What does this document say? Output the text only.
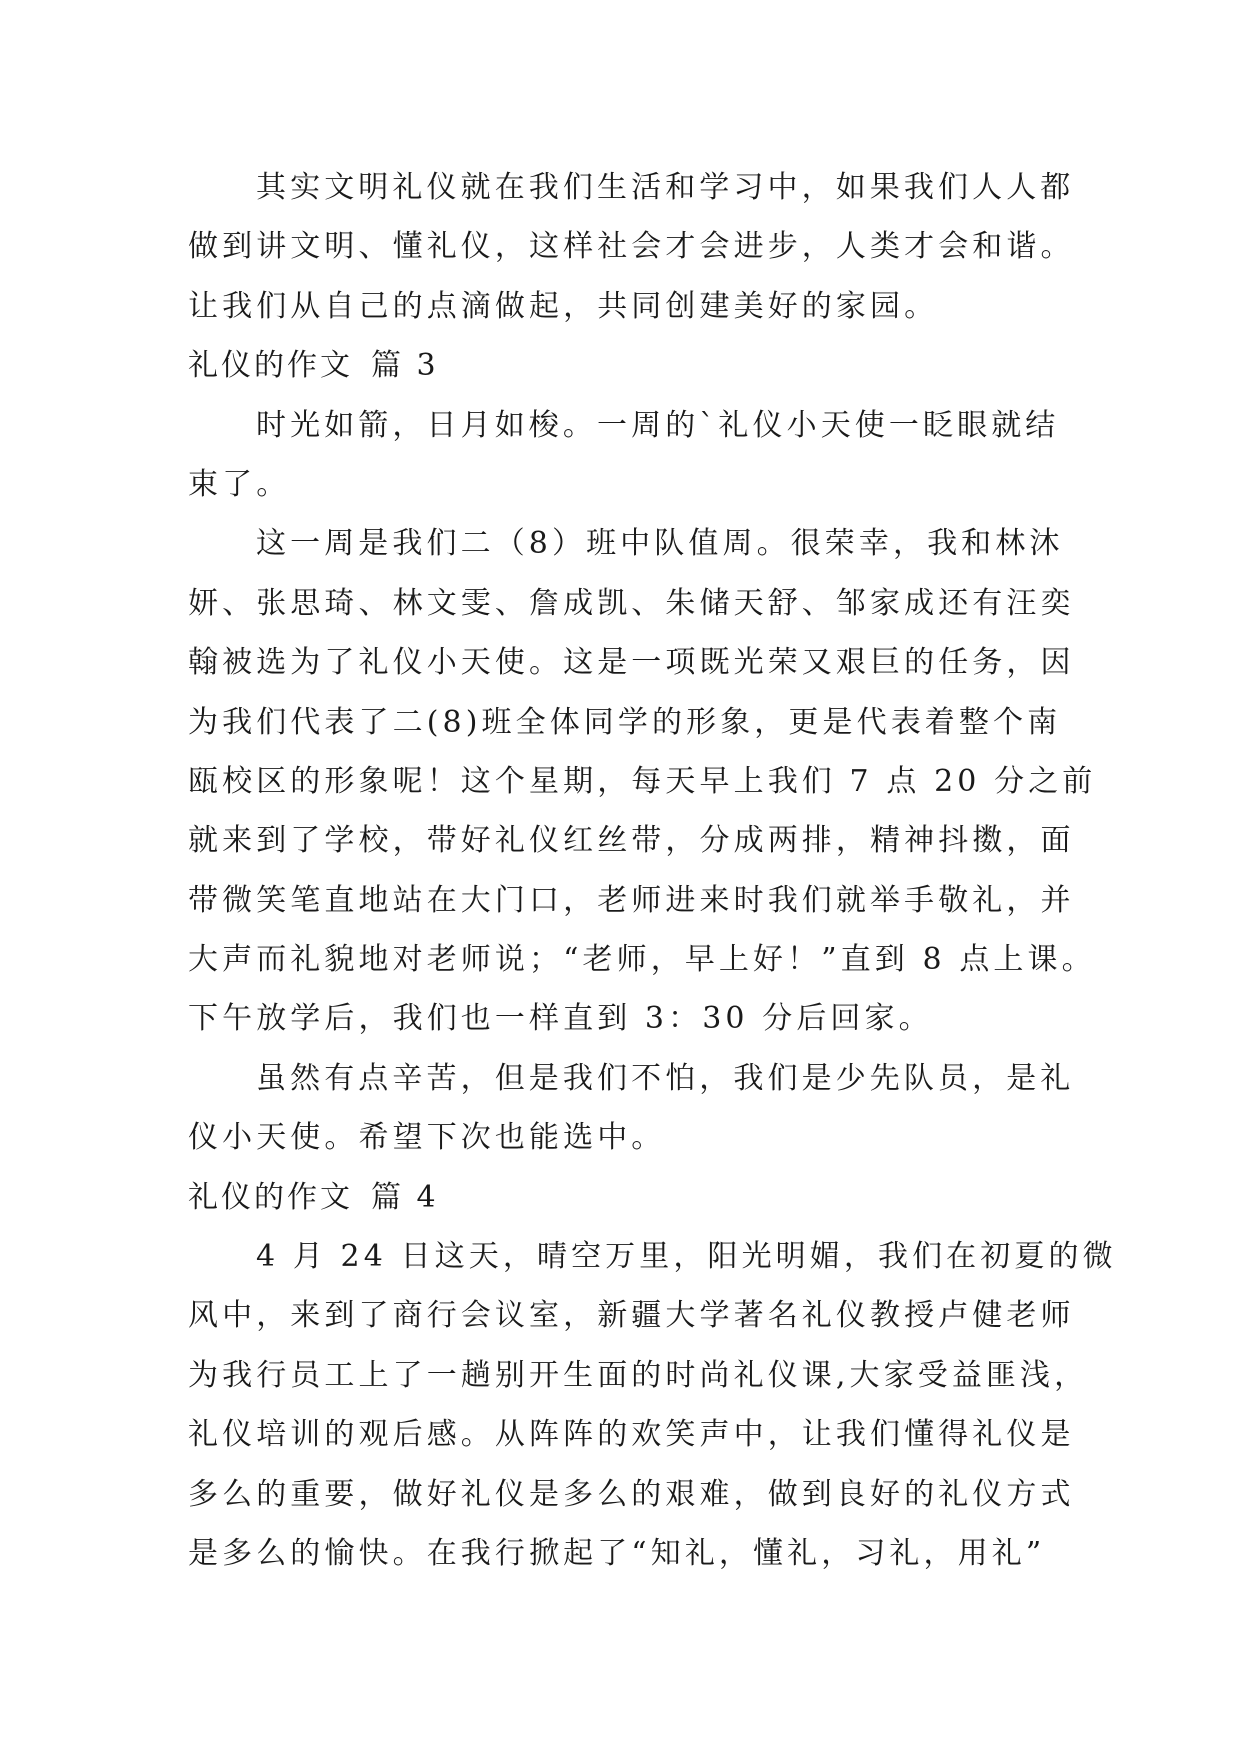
其实文明礼仪就在我们生活和学习中，如果我们人人都
做到讲文明、懂礼仪，这样社会才会进步，人类才会和谐。
让我们从自己的点滴做起，共同创建美好的家园。
礼仪的作文 篇 3
时光如箭，日月如梭。一周的`礼仪小天使一眨眼就结
束了。
这一周是我们二（8）班中队值周。很荣幸，我和林沐
妍、张思琦、林文雯、詹成凯、朱储天舒、邹家成还有汪奕
翰被选为了礼仪小天使。这是一项既光荣又艰巨的任务，因
为我们代表了二(8)班全体同学的形象，更是代表着整个南
瓯校区的形象呢！这个星期，每天早上我们 7 点 20 分之前
就来到了学校，带好礼仪红丝带，分成两排，精神抖擞，面
带微笑笔直地站在大门口，老师进来时我们就举手敬礼，并
大声而礼貌地对老师说；“老师，早上好！”直到 8 点上课。
下午放学后，我们也一样直到 3：30 分后回家。
虽然有点辛苦，但是我们不怕，我们是少先队员，是礼
仪小天使。希望下次也能选中。
礼仪的作文 篇 4
4 月 24 日这天，晴空万里，阳光明媚，我们在初夏的微
风中，来到了商行会议室，新疆大学著名礼仪教授卢健老师
为我行员工上了一趟别开生面的时尚礼仪课,大家受益匪浅，
礼仪培训的观后感。从阵阵的欢笑声中，让我们懂得礼仪是
多么的重要，做好礼仪是多么的艰难，做到良好的礼仪方式
是多么的愉快。在我行掀起了“知礼，懂礼，习礼，用礼”
